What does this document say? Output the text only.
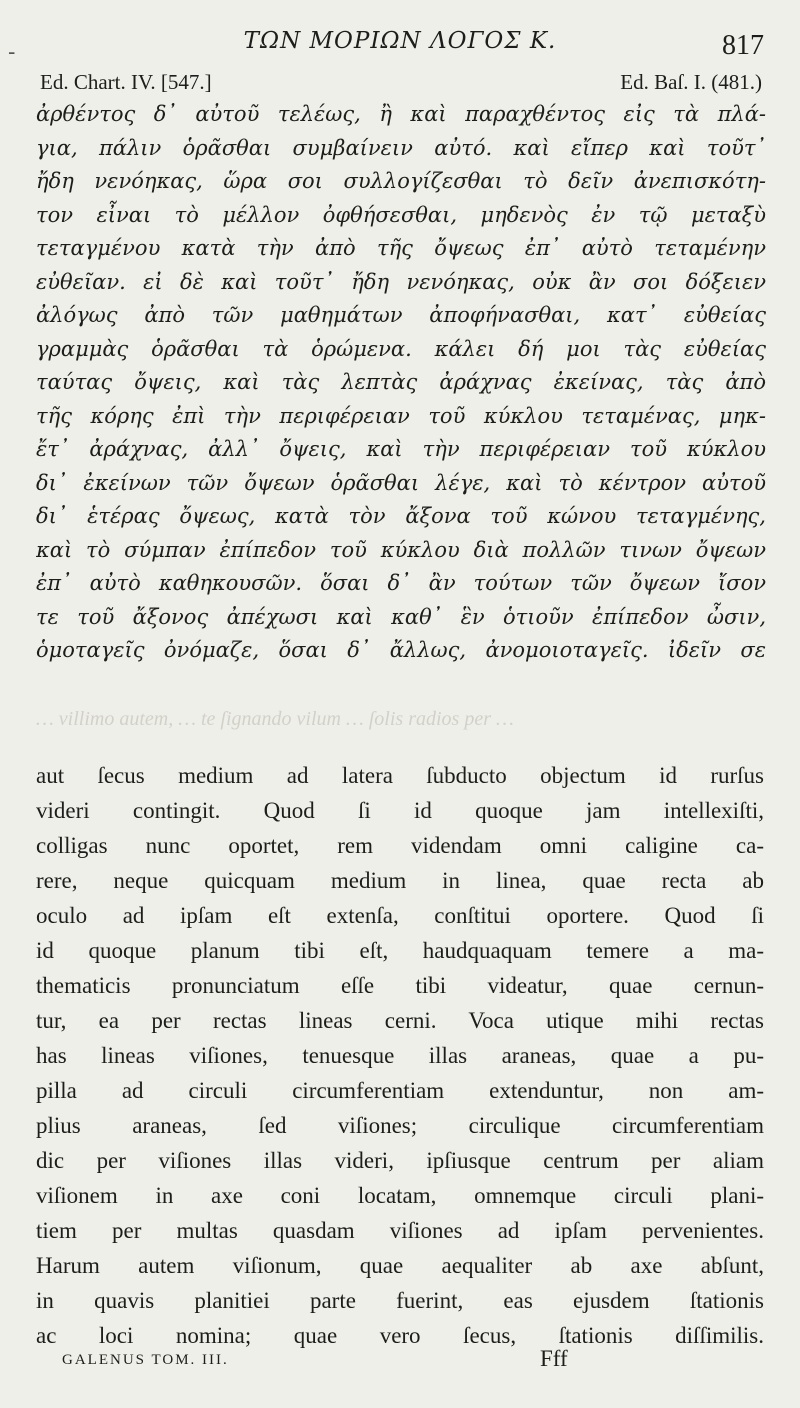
-	ΤΩΝ ΜΟΡΙΩΝ ΛΟΓΟΣ Κ.	817
Ed. Chart. IV. [547.]	Ed. Baſ. I. (481.)
ἀρθέντος δ᾿ αὐτοῦ τελέως, ἢ καὶ παραχθέντος εἰς τὰ πλά-
για, πάλιν ὁρᾶσθαι συμβαίνειν αὐτό. καὶ εἴπερ καὶ τοῦτ᾿
ἤδη νενόηκας, ὥρα σοι συλλογίζεσθαι τὸ δεῖν ἀνεπισκότη-
τον εἶναι τὸ μέλλον ὀφθήσεσθαι, μηδενὸς ἐν τῷ μεταξὺ
τεταγμένου κατὰ τὴν ἀπὸ τῆς ὄψεως ἐπ᾿ αὐτὸ τεταμένην
εὐθεῖαν. εἰ δὲ καὶ τοῦτ᾿ ἤδη νενόηκας, οὐκ ἂν σοι δόξειεν
ἀλόγως ἀπὸ τῶν μαθημάτων ἀποφήνασθαι, κατ᾿ εὐθείας
γραμμὰς ὁρᾶσθαι τὰ ὁρώμενα. κάλει δή μοι τὰς εὐθείας
ταύτας ὄψεις, καὶ τὰς λεπτὰς ἀράχνας ἐκείνας, τὰς ἀπὸ
τῆς κόρης ἐπὶ τὴν περιφέρειαν τοῦ κύκλου τεταμένας, μηκ-
ἔτ᾿ ἀράχνας, ἀλλ᾿ ὄψεις, καὶ τὴν περιφέρειαν τοῦ κύκλου
δι᾿ ἐκείνων τῶν ὄψεων ὁρᾶσθαι λέγε, καὶ τὸ κέντρον αὐτοῦ
δι᾿ ἑτέρας ὄψεως, κατὰ τὸν ἄξονα τοῦ κώνου τεταγμένης,
καὶ τὸ σύμπαν ἐπίπεδον τοῦ κύκλου διὰ πολλῶν τινων ὄψεων
ἐπ᾿ αὐτὸ καθηκουσῶν. ὅσαι δ᾿ ἂν τούτων τῶν ὄψεων ἴσον
τε τοῦ ἄξονος ἀπέχωσι καὶ καθ᾿ ἓν ὁτιοῦν ἐπίπεδον ὦσιν,
ὁμοταγεῖς ὀνόμαζε, ὅσαι δ᾿ ἄλλως, ἀνομοιοταγεῖς. ἰδεῖν σε
… villimo autem, … te ſignando vilum … ſolis radios per …
aut ſecus medium ad latera ſubducto objectum id rurſus
videri contingit. Quod ſi id quoque jam intellexiſti,
colligas nunc oportet, rem videndam omni caligine ca-
rere, neque quicquam medium in linea, quae recta ab
oculo ad ipſam eſt extenſa, conſtitui oportere. Quod ſi
id quoque planum tibi eſt, haudquaquam temere a ma-
thematicis pronunciatum eſſe tibi videatur, quae cernun-
tur, ea per rectas lineas cerni. Voca utique mihi rectas
has lineas viſiones, tenuesque illas araneas, quae a pu-
pilla ad circuli circumferentiam extenduntur, non am-
plius araneas, ſed viſiones; circulique circumferentiam
dic per viſiones illas videri, ipſiusque centrum per aliam
viſionem in axe coni locatam, omnemque circuli plani-
tiem per multas quasdam viſiones ad ipſam pervenientes.
Harum autem viſionum, quae aequaliter ab axe abſunt,
in quavis planitiei parte fuerint, eas ejusdem ſtationis
ac loci nomina; quae vero ſecus, ſtationis diſſimilis.
GALENUS TOM. III.	Fff
